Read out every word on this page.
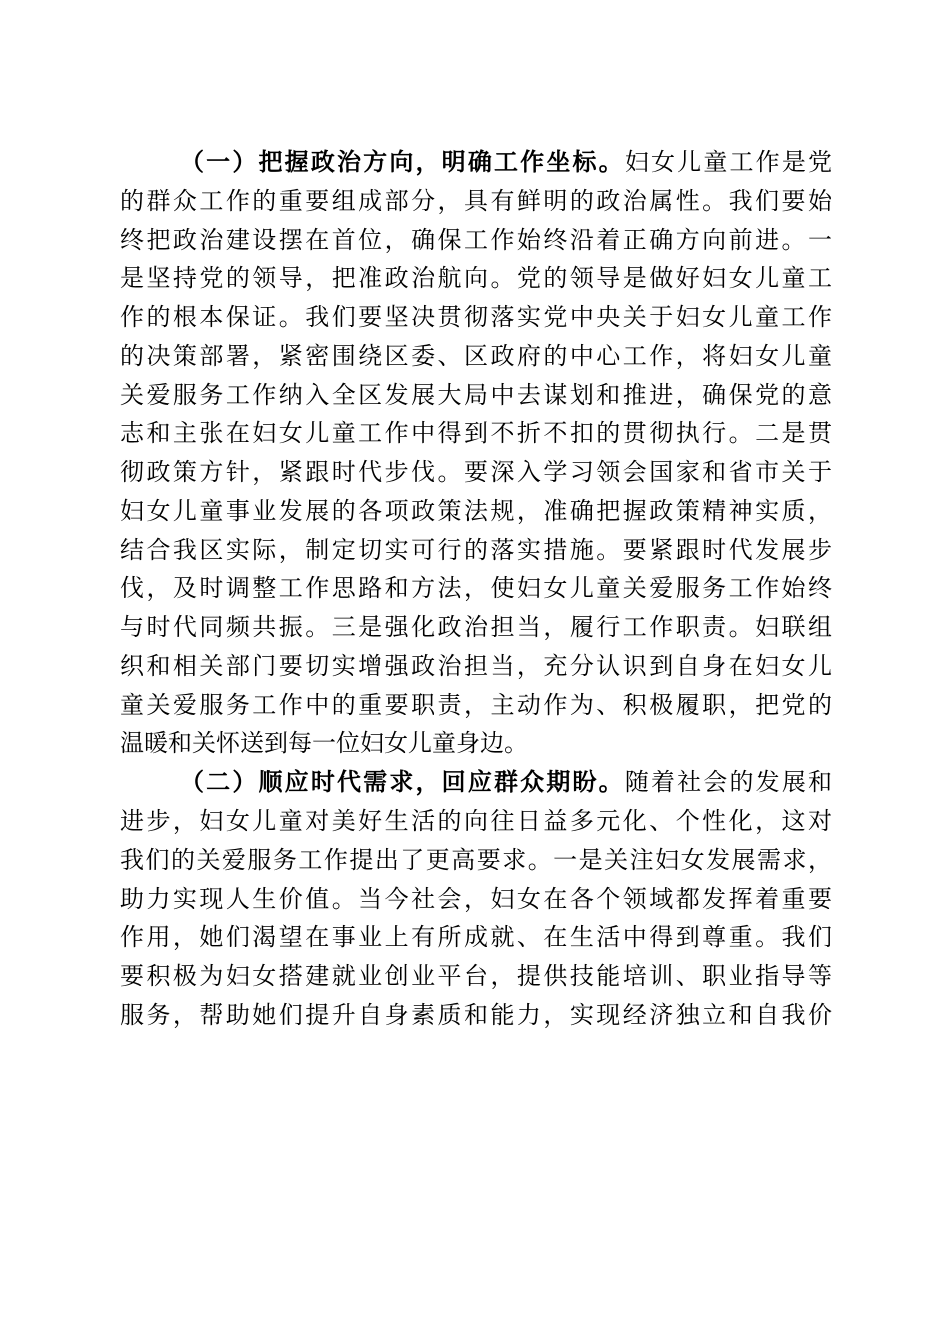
（一）把握政治方向，明确工作坐标。妇女儿童工作是党
的群众工作的重要组成部分，具有鲜明的政治属性。我们要始
终把政治建设摆在首位，确保工作始终沿着正确方向前进。一
是坚持党的领导，把准政治航向。党的领导是做好妇女儿童工
作的根本保证。我们要坚决贯彻落实党中央关于妇女儿童工作
的决策部署，紧密围绕区委、区政府的中心工作，将妇女儿童
关爱服务工作纳入全区发展大局中去谋划和推进，确保党的意
志和主张在妇女儿童工作中得到不折不扣的贯彻执行。二是贯
彻政策方针，紧跟时代步伐。要深入学习领会国家和省市关于
妇女儿童事业发展的各项政策法规，准确把握政策精神实质，
结合我区实际，制定切实可行的落实措施。要紧跟时代发展步
伐，及时调整工作思路和方法，使妇女儿童关爱服务工作始终
与时代同频共振。三是强化政治担当，履行工作职责。妇联组
织和相关部门要切实增强政治担当，充分认识到自身在妇女儿
童关爱服务工作中的重要职责，主动作为、积极履职，把党的
温暖和关怀送到每一位妇女儿童身边。
（二）顺应时代需求，回应群众期盼。随着社会的发展和
进步，妇女儿童对美好生活的向往日益多元化、个性化，这对
我们的关爱服务工作提出了更高要求。一是关注妇女发展需求，
助力实现人生价值。当今社会，妇女在各个领域都发挥着重要
作用，她们渴望在事业上有所成就、在生活中得到尊重。我们
要积极为妇女搭建就业创业平台，提供技能培训、职业指导等
服务，帮助她们提升自身素质和能力，实现经济独立和自我价
